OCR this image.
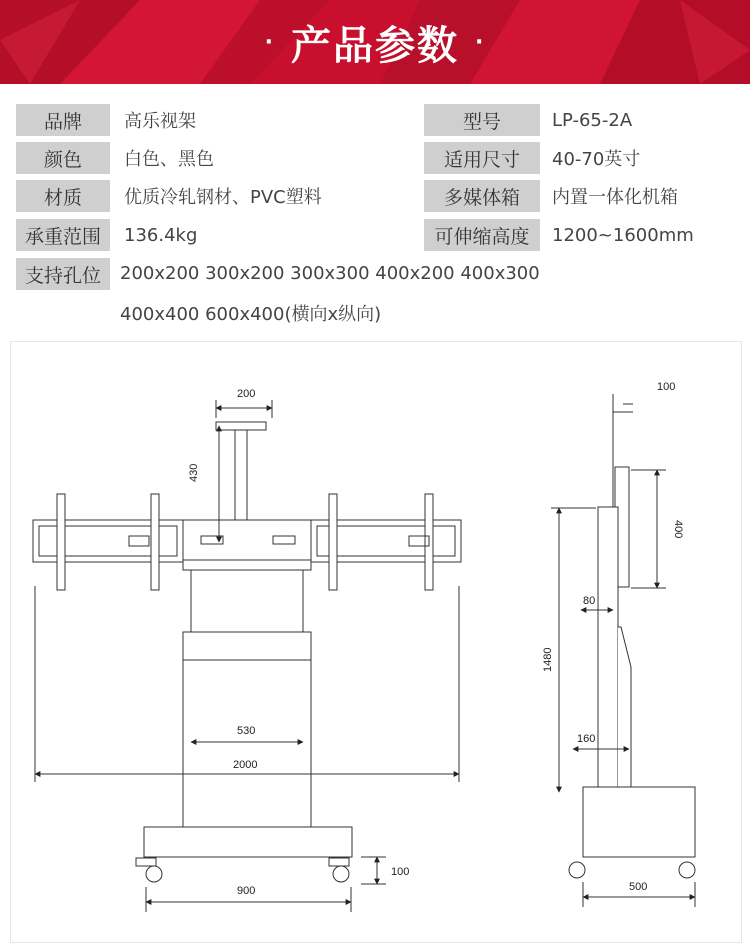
· 产品参数 ·
品牌	高乐视架	型号	LP-65-2A
颜色	白色、黑色	适用尺寸	40-70英寸
材质	优质冷轧钢材、PVC塑料	多媒体箱	内置一体化机箱
承重范围	136.4kg	可伸缩高度	1200~1600mm
支持孔位	200x200 300x200 300x300 400x200 400x300
400x400 600x400(横向x纵向)
200
430
530
2000
900
100
100
400
80
1480
160
500
